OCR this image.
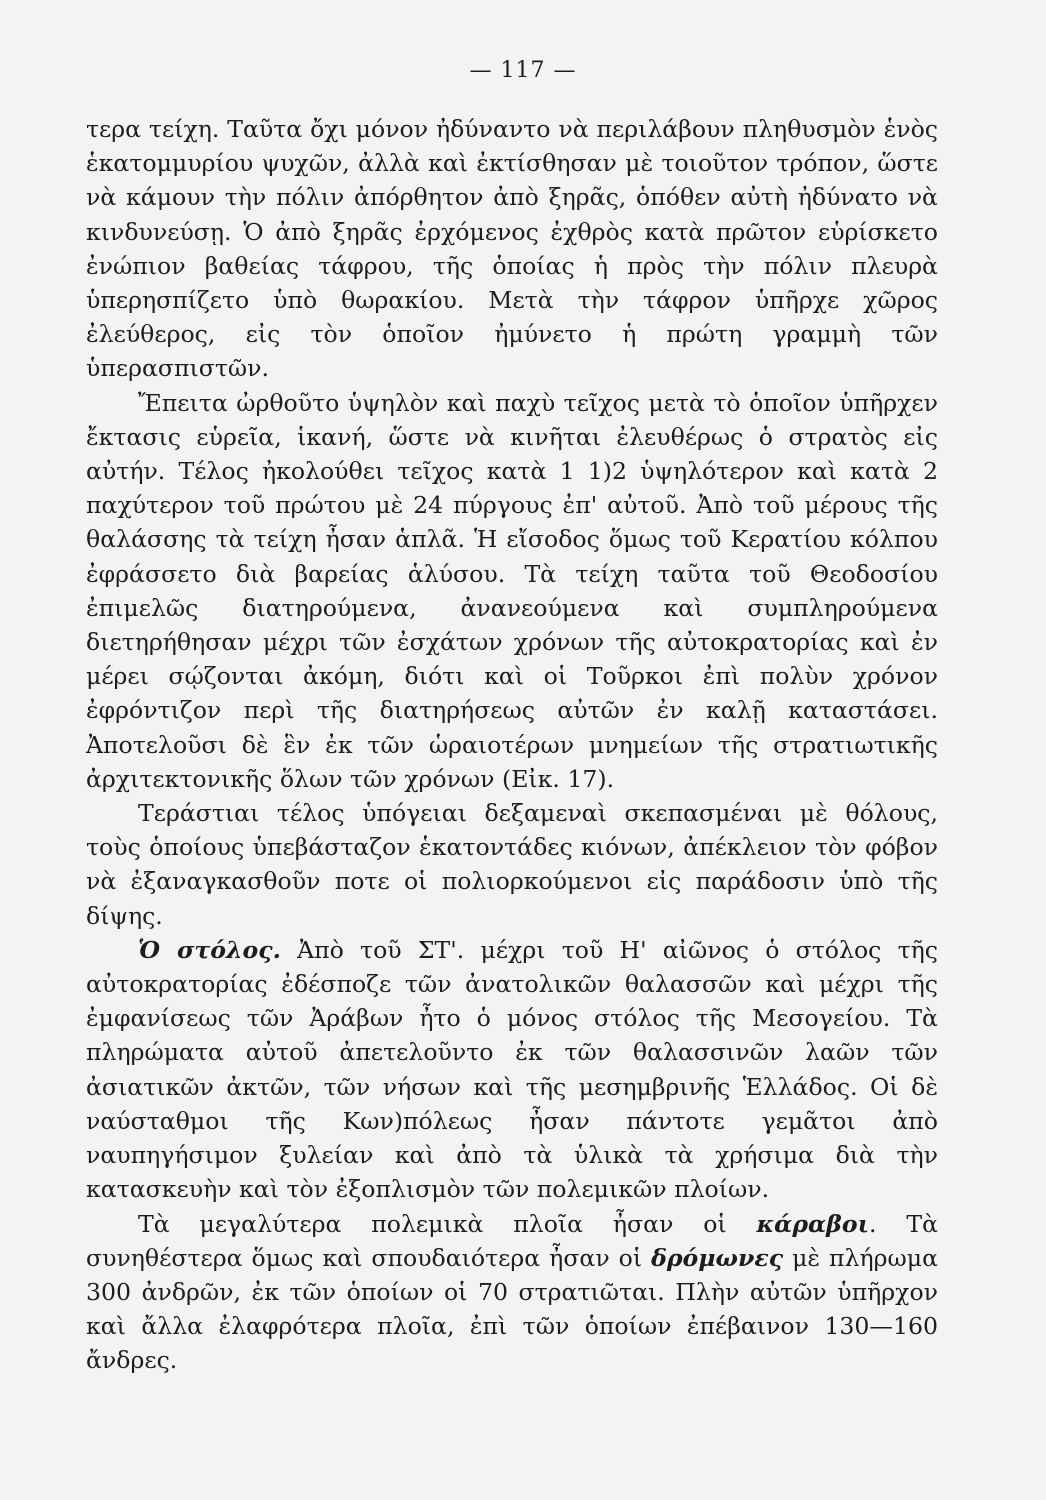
— 117 —

τερα τείχη. Ταῦτα ὄχι μόνον ἠδύναντο νὰ περιλάβουν πληθυσμὸν ἑνὸς ἑκατομμυρίου ψυχῶν, ἀλλὰ καὶ ἐκτίσθησαν μὲ τοιοῦτον τρόπον, ὥστε νὰ κάμουν τὴν πόλιν ἀπόρθητον ἀπὸ ξηρᾶς, ὁπόθεν αὐτὴ ἠδύνατο νὰ κινδυνεύσῃ. Ὁ ἀπὸ ξηρᾶς ἐρχόμενος ἐχθρὸς κατὰ πρῶτον εὑρίσκετο ἐνώπιον βαθείας τάφρου, τῆς ὁποίας ἡ πρὸς τὴν πόλιν πλευρὰ ὑπερησπίζετο ὑπὸ θωρακίου. Μετὰ τὴν τάφρον ὑπῆρχε χῶρος ἐλεύθερος, εἰς τὸν ὁποῖον ἠμύνετο ἡ πρώτη γραμμὴ τῶν ὑπερασπιστῶν.

Ἔπειτα ὠρθοῦτο ὑψηλὸν καὶ παχὺ τεῖχος μετὰ τὸ ὁποῖον ὑπῆρχεν ἔκτασις εὑρεῖα, ἱκανή, ὥστε νὰ κινῆται ἐλευθέρως ὁ στρατὸς εἰς αὐτήν. Τέλος ἠκολούθει τεῖχος κατὰ 1 1)2 ὑψηλότερον καὶ κατὰ 2 παχύτερον τοῦ πρώτου μὲ 24 πύργους ἐπ' αὐτοῦ. Ἀπὸ τοῦ μέρους τῆς θαλάσσης τὰ τείχη ἦσαν ἁπλᾶ. Ἡ εἴσοδος ὅμως τοῦ Κερατίου κόλπου ἐφράσσετο διὰ βαρείας ἁλύσου. Τὰ τείχη ταῦτα τοῦ Θεοδοσίου ἐπιμελῶς διατηρούμενα, ἀνανεούμενα καὶ συμπληρούμενα διετηρήθησαν μέχρι τῶν ἐσχάτων χρόνων τῆς αὐτοκρατορίας καὶ ἐν μέρει σῴζονται ἀκόμη, διότι καὶ οἱ Τοῦρκοι ἐπὶ πολὺν χρόνον ἐφρόντιζον περὶ τῆς διατηρήσεως αὐτῶν ἐν καλῇ καταστάσει. Ἀποτελοῦσι δὲ ἓν ἐκ τῶν ὡραιοτέρων μνημείων τῆς στρατιωτικῆς ἀρχιτεκτονικῆς ὅλων τῶν χρόνων (Εἰκ. 17).

Τεράστιαι τέλος ὑπόγειαι δεξαμεναὶ σκεπασμέναι μὲ θόλους, τοὺς ὁποίους ὑπεβάσταζον ἑκατοντάδες κιόνων, ἀπέκλειον τὸν φόβον νὰ ἐξαναγκασθοῦν ποτε οἱ πολιορκούμενοι εἰς παράδοσιν ὑπὸ τῆς δίψης.

Ὁ στόλος. Ἀπὸ τοῦ ΣΤ'. μέχρι τοῦ Η' αἰῶνος ὁ στόλος τῆς αὐτοκρατορίας ἐδέσποζε τῶν ἀνατολικῶν θαλασσῶν καὶ μέχρι τῆς ἐμφανίσεως τῶν Ἀράβων ἦτο ὁ μόνος στόλος τῆς Μεσογείου. Τὰ πληρώματα αὐτοῦ ἀπετελοῦντο ἐκ τῶν θαλασσινῶν λαῶν τῶν ἀσιατικῶν ἀκτῶν, τῶν νήσων καὶ τῆς μεσημβρινῆς Ἑλλάδος. Οἱ δὲ ναύσταθμοι τῆς Κων)πόλεως ἦσαν πάντοτε γεμᾶτοι ἀπὸ ναυπηγήσιμον ξυλείαν καὶ ἀπὸ τὰ ὑλικὰ τὰ χρήσιμα διὰ τὴν κατασκευὴν καὶ τὸν ἐξοπλισμὸν τῶν πολεμικῶν πλοίων.

Τὰ μεγαλύτερα πολεμικὰ πλοῖα ἦσαν οἱ κάραβοι. Τὰ συνηθέστερα ὅμως καὶ σπουδαιότερα ἦσαν οἱ δρόμωνες μὲ πλήρωμα 300 ἀνδρῶν, ἐκ τῶν ὁποίων οἱ 70 στρατιῶται. Πλὴν αὐτῶν ὑπῆρχον καὶ ἄλλα ἐλαφρότερα πλοῖα, ἐπὶ τῶν ὁποίων ἐπέβαινον 130—160 ἄνδρες.
